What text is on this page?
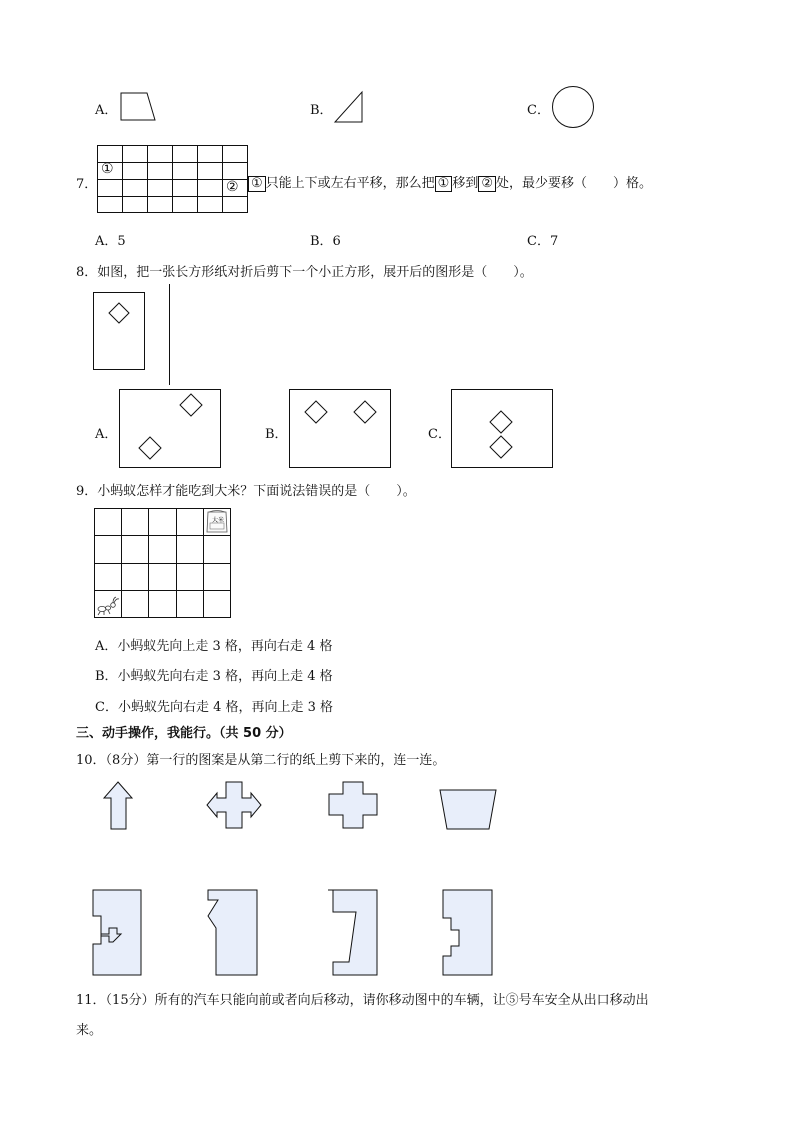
A．	B．	C．
7．
①
② ① 只能上下或左右平移，那么把 ① 移到 ② 处，最少要移（　　）格。
A．5	B．6	C．7
8．如图，把一张长方形纸对折后剪下一个小正方形，展开后的图形是（　　）。
A．	B．	C．
9．小蚂蚁怎样才能吃到大米？下面说法错误的是（　　）。
大米
A．小蚂蚁先向上走 3 格，再向右走 4 格
B．小蚂蚁先向右走 3 格，再向上走 4 格
C．小蚂蚁先向右走 4 格，再向上走 3 格
三、动手操作，我能行。（共 50 分）
10．（8分）第一行的图案是从第二行的纸上剪下来的，连一连。
11．（15分）所有的汽车只能向前或者向后移动，请你移动图中的车辆，让⑤号车安全从出口移动出
来。
